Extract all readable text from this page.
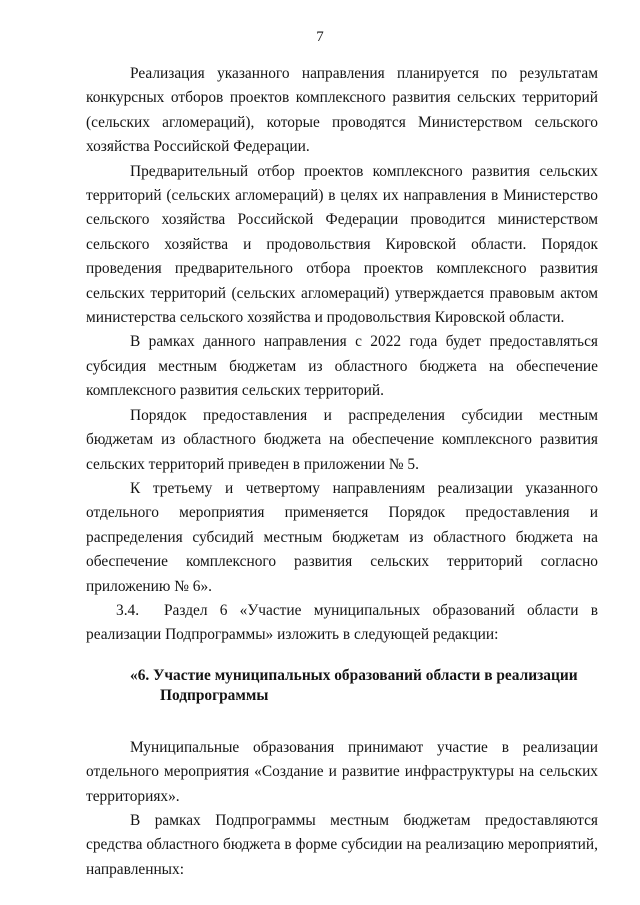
7

Реализация указанного направления планируется по результатам конкурсных отборов проектов комплексного развития сельских территорий (сельских агломераций), которые проводятся Министерством сельского хозяйства Российской Федерации.

Предварительный отбор проектов комплексного развития сельских территорий (сельских агломераций) в целях их направления в Министерство сельского хозяйства Российской Федерации проводится министерством сельского хозяйства и продовольствия Кировской области. Порядок проведения предварительного отбора проектов комплексного развития сельских территорий (сельских агломераций) утверждается правовым актом министерства сельского хозяйства и продовольствия Кировской области.

В рамках данного направления с 2022 года будет предоставляться субсидия местным бюджетам из областного бюджета на обеспечение комплексного развития сельских территорий.

Порядок предоставления и распределения субсидии местным бюджетам из областного бюджета на обеспечение комплексного развития сельских территорий приведен в приложении № 5.

К третьему и четвертому направлениям реализации указанного отдельного мероприятия применяется Порядок предоставления и распределения субсидий местным бюджетам из областного бюджета на обеспечение комплексного развития сельских территорий согласно приложению № 6».

3.4. Раздел 6 «Участие муниципальных образований области в реализации Подпрограммы» изложить в следующей редакции:

«6. Участие муниципальных образований области в реализации
Подпрограммы

Муниципальные образования принимают участие в реализации отдельного мероприятия «Создание и развитие инфраструктуры на сельских территориях».

В рамках Подпрограммы местным бюджетам предоставляются средства областного бюджета в форме субсидии на реализацию мероприятий, направленных:
